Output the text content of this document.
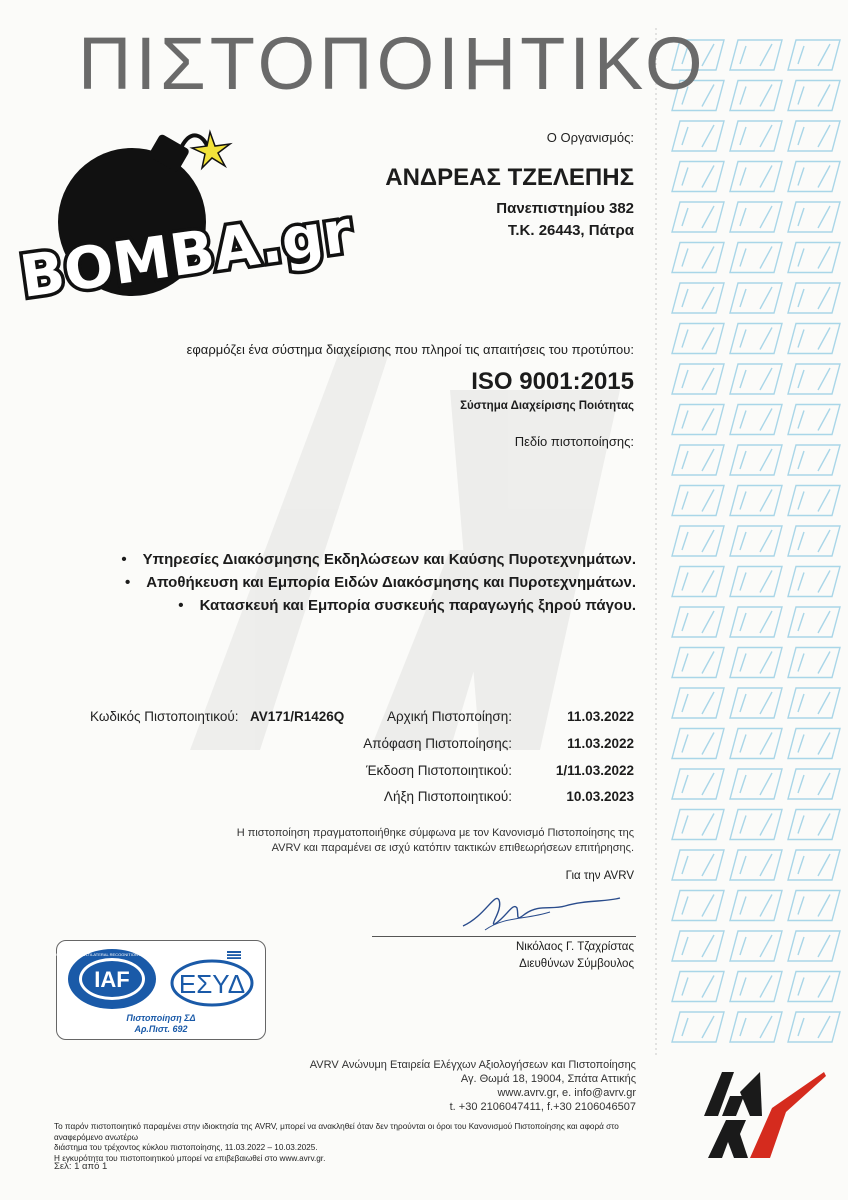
ΠΙΣΤΟΠΟΙΗΤΙΚΟ
BOMBA.gr
Ο Οργανισμός:
ΑΝΔΡΕΑΣ ΤΖΕΛΕΠΗΣ
Πανεπιστημίου 382
Τ.Κ. 26443, Πάτρα
εφαρμόζει ένα σύστημα διαχείρισης που πληροί τις απαιτήσεις του προτύπου:
ISO 9001:2015
Σύστημα Διαχείρισης Ποιότητας
Πεδίο πιστοποίησης:
• Υπηρεσίες Διακόσμησης Εκδηλώσεων και Καύσης Πυροτεχνημάτων.
• Αποθήκευση και Εμπορία Ειδών Διακόσμησης και Πυροτεχνημάτων.
• Κατασκευή και Εμπορία συσκευής παραγωγής ξηρού πάγου.
Κωδικός Πιστοποιητικού: AV171/R1426Q	Αρχική Πιστοποίηση:	11.03.2022
Απόφαση Πιστοποίησης:	11.03.2022
Έκδοση Πιστοποιητικού:	1/11.03.2022
Λήξη Πιστοποιητικού:	10.03.2023
Η πιστοποίηση πραγματοποιήθηκε σύμφωνα με τον Κανονισμό Πιστοποίησης της
AVRV και παραμένει σε ισχύ κατόπιν τακτικών επιθεωρήσεων επιτήρησης.
Για την AVRV
Νικόλαος Γ. Τζαχρίστας
Διευθύνων Σύμβουλος
IAF
MEMBER OF MULTILATERAL RECOGNITION ARRANGEMENT
ΕΣΥΔ
Πιστοποίηση ΣΔ
Αρ.Πιστ. 692
AVRV Ανώνυμη Εταιρεία Ελέγχων Αξιολογήσεων και Πιστοποίησης
Αγ. Θωμά 18, 19004, Σπάτα Αττικής
www.avrv.gr, e. info@avrv.gr
t. +30 2106047411, f.+30 2106046507
AVRV
Το παρόν πιστοποιητικό παραμένει στην ιδιοκτησία της AVRV, μπορεί να ανακληθεί όταν δεν τηρούνται οι όροι του Κανονισμού Πιστοποίησης και αφορά στο αναφερόμενο ανωτέρω
διάστημα του τρέχοντος κύκλου πιστοποίησης, 11.03.2022 – 10.03.2025.
Η εγκυρότητα του πιστοποιητικού μπορεί να επιβεβαιωθεί στο www.avrv.gr.
Σελ: 1 από 1
